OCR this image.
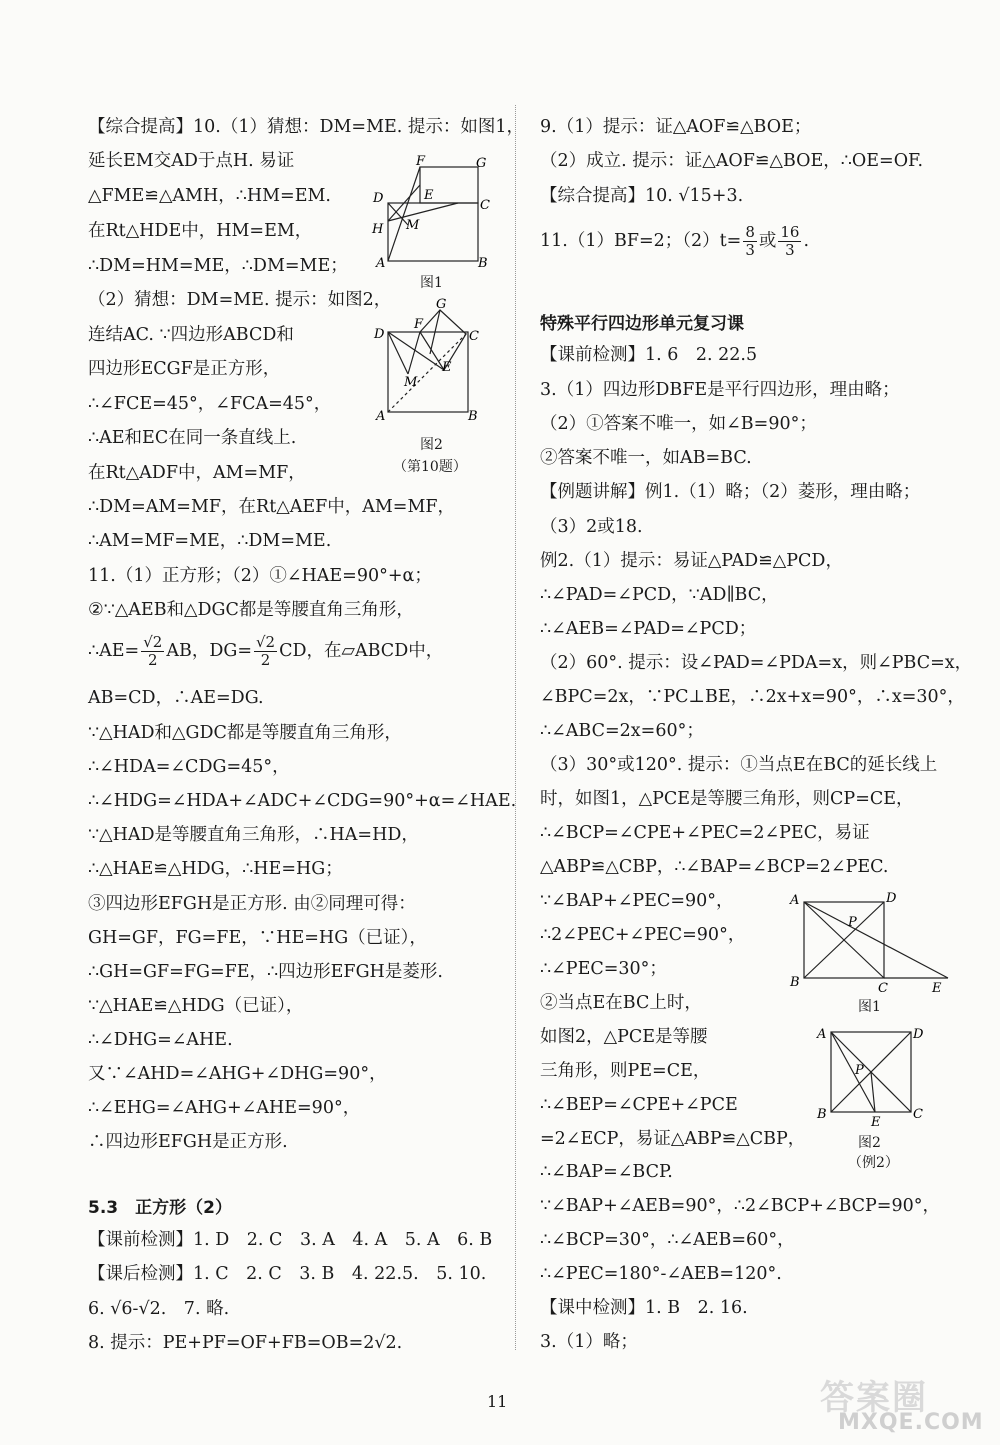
【综合提高】10.（1）猜想：DM=ME. 提示：如图1，
延长EM交AD于点H. 易证
△FME≌△AMH，∴HM=EM.
在Rt△HDE中，HM=EM，
∴DM=HM=ME，∴DM=ME；
（2）猜想：DM=ME. 提示：如图2，
连结AC. ∵四边形ABCD和
四边形ECGF是正方形，
∴∠FCE=45°，∠FCA=45°，
∴AE和EC在同一条直线上.
在Rt△ADF中，AM=MF，
∴DM=AM=MF，在Rt△AEF中，AM=MF，
∴AM=MF=ME，∴DM=ME.
11.（1）正方形；（2）①∠HAE=90°+α；
②∵△AEB和△DGC都是等腰直角三角形，
∴AE= $\frac{√2}{2}$ AB，$DG= \frac{√2}{2}$ CD，在▱ABCD中，
AB=CD，∴AE=DG.
∵△HAD和△GDC都是等腰直角三角形，
∴∠HDA=∠CDG=45°，
∴∠HDG=∠HDA+∠ADC+∠CDG=90°+α=∠HAE.
∵△HAD是等腰直角三角形，∴HA=HD，
∴△HAE≌△HDG，∴HE=HG；
③四边形EFGH是正方形. 由②同理可得：
GH=GF，FG=FE，∵HE=HG（已证），
∴GH=GF=FG=FE，∴四边形EFGH是菱形.
∵△HAE≌△HDG（已证），
∴∠DHG=∠AHE.
又∵∠AHD=∠AHG+∠DHG=90°，
∴∠EHG=∠AHG+∠AHE=90°，
∴四边形EFGH是正方形.
5.3　正方形（2）
【课前检测】1. D　2. C　3. A　4. A　5. A　6. B
【课后检测】1. C　2. C　3. B　4. 22.5.　5. 10.
6. √6-√2.　7. 略.
8. 提示：PE+PF=OF+FB=OB=2√2.
F	G
D	E
C
H M
A	B
图1
G
D
F
C
E
M
A	B
图2
（第10题）
9.（1）提示：证△AOF≌△BOE；
（2）成立. 提示：证△AOF≌△BOE，∴OE=OF.
【综合提高】10. √15+3.
11.（1）BF=2；$(2)t= \frac{8}{3}$ 或 $\frac{16}{3}$ .
特殊平行四边形单元复习课
【课前检测】1. 6　2. 22.5
3.（1）四边形DBFE是平行四边形，理由略；
（2）①答案不唯一，如∠B=90°；
②答案不唯一，如AB=BC.
【例题讲解】例1.（1）略；（2）菱形，理由略；
（3）2或18.
例2.（1）提示：易证△PAD≌△PCD，
∴∠PAD=∠PCD，∵AD∥BC，
∴∠AEB=∠PAD=∠PCD；
（2）60°. 提示：设∠PAD=∠PDA=x，则∠PBC=x，
∠BPC=2x，∵PC⊥BE，∴2x+x=90°，∴x=30°，
∴∠ABC=2x=60°；
（3）30°或120°. 提示：①当点E在BC的延长线上
时，如图1，△PCE是等腰三角形，则CP=CE，
∴∠BCP=∠CPE+∠PEC=2∠PEC，易证
△ABP≌△CBP，∴∠BAP=∠BCP=2∠PEC.
∵∠BAP+∠PEC=90°，
∴2∠PEC+∠PEC=90°，
∴∠PEC=30°；
②当点E在BC上时，
如图2，△PCE是等腰
三角形，则PE=CE，
∴∠BEP=∠CPE+∠PCE
=2∠ECP，易证△ABP≌△CBP，
∴∠BAP=∠BCP.
∵∠BAP+∠AEB=90°，∴2∠BCP+∠BCP=90°，
∴∠BCP=30°，∴∠AEB=60°，
∴∠PEC=180°-∠AEB=120°.
【课中检测】1. B　2. 16.
3.（1）略；
A	D
P
B	C	E
图1
A	D
P
B
E
C
图2
（例2）
11	答案圈
MXQE.COM
